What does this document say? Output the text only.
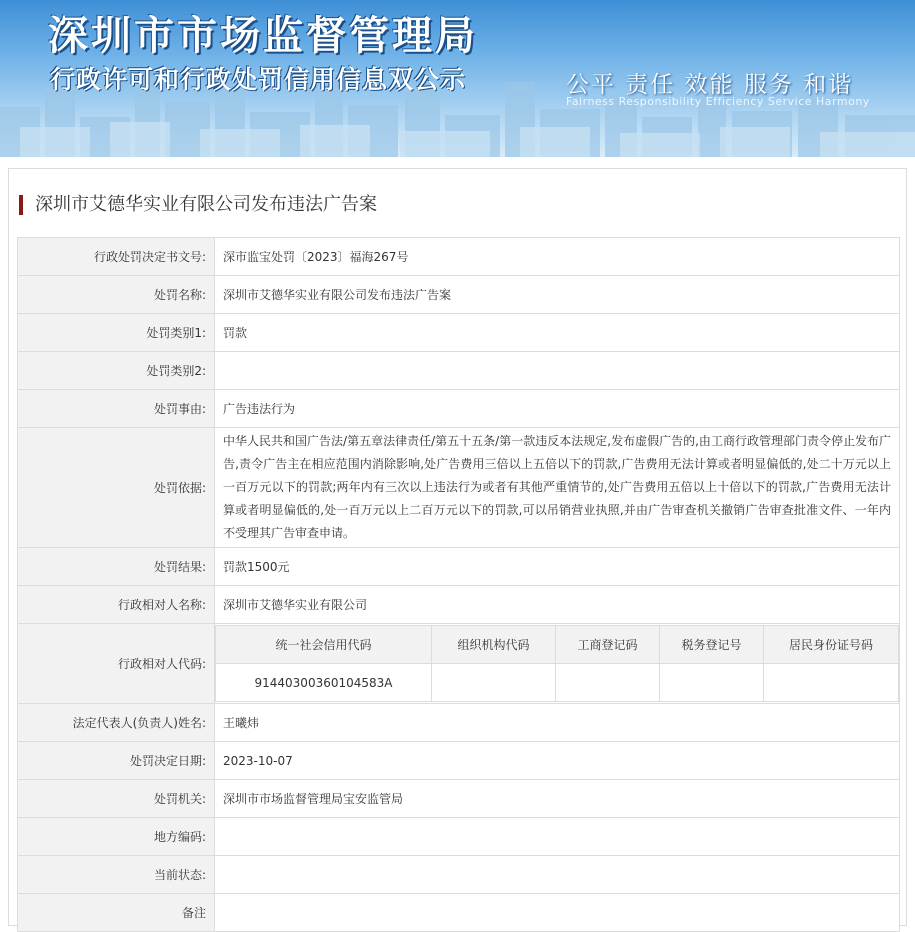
深圳市市场监督管理局
行政许可和行政处罚信用信息双公示	公平 责任 效能 服务 和谐
Fairness Responsibility Efficiency Service Harmony
深圳市艾德华实业有限公司发布违法广告案
行政处罚决定书文号:	深市监宝处罚〔2023〕福海267号
处罚名称:	深圳市艾德华实业有限公司发布违法广告案
处罚类别1:	罚款
处罚类别2:	
处罚事由:	广告违法行为
处罚依据:	中华人民共和国广告法/第五章法律责任/第五十五条/第一款违反本法规定,发布虚假广告的,由工商行政管理部门责令停止发布广告,责令广告主在相应范围内消除影响,处广告费用三倍以上五倍以下的罚款,广告费用无法计算或者明显偏低的,处二十万元以上一百万元以下的罚款;两年内有三次以上违法行为或者有其他严重情节的,处广告费用五倍以上十倍以下的罚款,广告费用无法计算或者明显偏低的,处一百万元以上二百万元以下的罚款,可以吊销营业执照,并由广告审查机关撤销广告审查批准文件、一年内不受理其广告审查申请。
处罚结果:	罚款1500元
行政相对人名称:	深圳市艾德华实业有限公司
行政相对人代码:	
统一社会信用代码	组织机构代码	工商登记码	税务登记号	居民身份证号码
91440300360104583A				

法定代表人(负责人)姓名:	王曦炜
处罚决定日期:	2023-10-07
处罚机关:	深圳市市场监督管理局宝安监管局
地方编码:	
当前状态:	
备注	
